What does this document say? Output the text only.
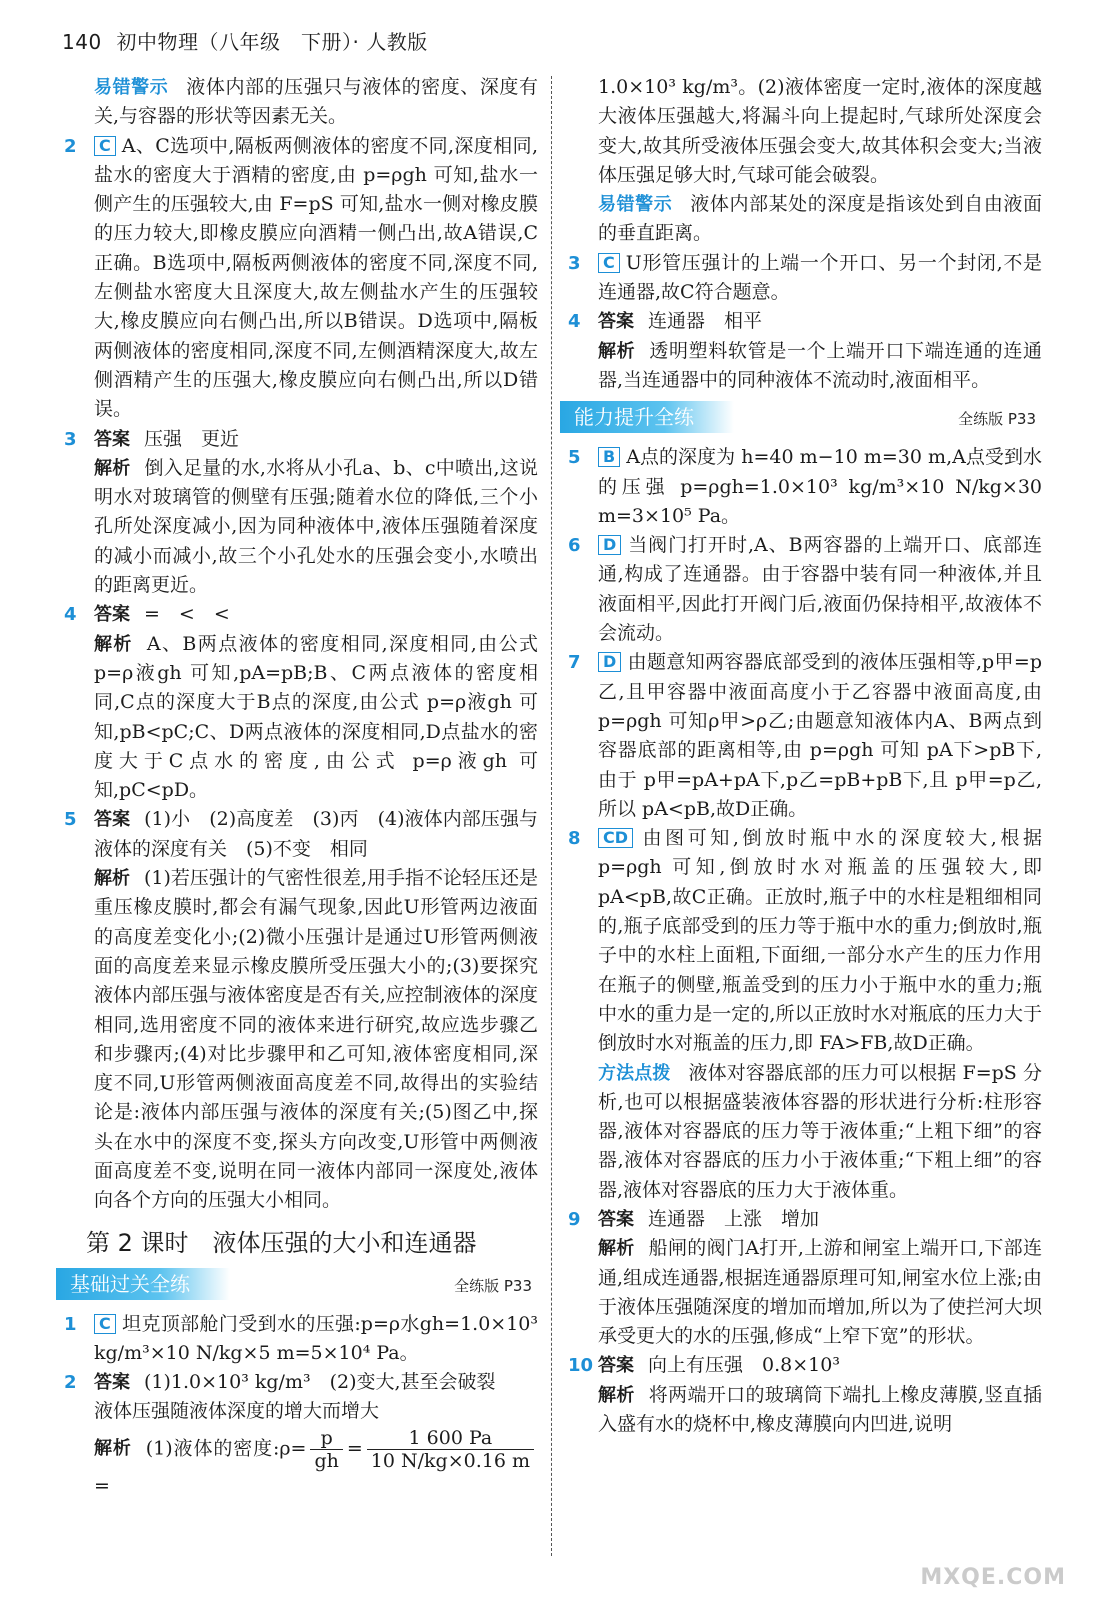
140 初中物理（八年级　下册）· 人教版

易错警示 液体内部的压强只与液体的密度、深度有关,与容器的形状等因素无关。

2 C A、C选项中,隔板两侧液体的密度不同,深度相同,盐水的密度大于酒精的密度,由 p=ρgh 可知,盐水一侧产生的压强较大,由 F=pS 可知,盐水一侧对橡皮膜的压力较大,即橡皮膜应向酒精一侧凸出,故A错误,C正确。B选项中,隔板两侧液体的密度不同,深度不同,左侧盐水密度大且深度大,故左侧盐水产生的压强较大,橡皮膜应向右侧凸出,所以B错误。D选项中,隔板两侧液体的密度相同,深度不同,左侧酒精深度大,故左侧酒精产生的压强大,橡皮膜应向右侧凸出,所以D错误。
3 答案 压强　更近
解析 倒入足量的水,水将从小孔a、b、c中喷出,这说明水对玻璃管的侧壁有压强;随着水位的降低,三个小孔所处深度减小,因为同种液体中,液体压强随着深度的减小而减小,故三个小孔处水的压强会变小,水喷出的距离更近。
4 答案 =　<　<
解析 A、B两点液体的密度相同,深度相同,由公式 p=ρ液gh 可知,pA=pB;B、C两点液体的密度相同,C点的深度大于B点的深度,由公式 p=ρ液gh 可知,pB<pC;C、D两点液体的深度相同,D点盐水的密度大于C点水的密度,由公式 p=ρ液gh 可知,pC<pD。
5 答案 (1)小　(2)高度差　(3)丙　(4)液体内部压强与液体的深度有关　(5)不变　相同
解析 (1)若压强计的气密性很差,用手指不论轻压还是重压橡皮膜时,都会有漏气现象,因此U形管两边液面的高度差变化小;(2)微小压强计是通过U形管两侧液面的高度差来显示橡皮膜所受压强大小的;(3)要探究液体内部压强与液体密度是否有关,应控制液体的深度相同,选用密度不同的液体来进行研究,故应选步骤乙和步骤丙;(4)对比步骤甲和乙可知,液体密度相同,深度不同,U形管两侧液面高度差不同,故得出的实验结论是:液体内部压强与液体的深度有关;(5)图乙中,探头在水中的深度不变,探头方向改变,U形管中两侧液面高度差不变,说明在同一液体内部同一深度处,液体向各个方向的压强大小相同。
第 2 课时　液体压强的大小和连通器
基础过关全练	全练版 P33
1 C 坦克顶部舱门受到水的压强:p=ρ水gh=1.0×10³ kg/m³×10 N/kg×5 m=5×10⁴ Pa。
2 答案 (1)1.0×10³ kg/m³　(2)变大,甚至会破裂
液体压强随液体深度的增大而增大
解析 (1)液体的密度:ρ= $\frac{p}{gh} = \frac{1 600 Pa}{10 N/kg\times 0.16 m}$
=

1.0×10³ kg/m³。(2)液体密度一定时,液体的深度越大液体压强越大,将漏斗向上提起时,气球所处深度会变大,故其所受液体压强会变大,故其体积会变大;当液体压强足够大时,气球可能会破裂。

易错警示 液体内部某处的深度是指该处到自由液面的垂直距离。

3 C U形管压强计的上端一个开口、另一个封闭,不是连通器,故C符合题意。
4 答案 连通器　相平
解析 透明塑料软管是一个上端开口下端连通的连通器,当连通器中的同种液体不流动时,液面相平。
能力提升全练	全练版 P33
5 B A点的深度为 h=40 m−10 m=30 m,A点受到水的压强 p=ρgh=1.0×10³ kg/m³×10 N/kg×30 m=3×10⁵ Pa。
6 D 当阀门打开时,A、B两容器的上端开口、底部连通,构成了连通器。由于容器中装有同一种液体,并且液面相平,因此打开阀门后,液面仍保持相平,故液体不会流动。
7 D 由题意知两容器底部受到的液体压强相等,p甲=p乙,且甲容器中液面高度小于乙容器中液面高度,由 p=ρgh 可知ρ甲>ρ乙;由题意知液体内A、B两点到容器底部的距离相等,由 p=ρgh 可知 pA下>pB下,由于 p甲=pA+pA下,p乙=pB+pB下,且 p甲=p乙,所以 pA<pB,故D正确。
8 CD 由图可知,倒放时瓶中水的深度较大,根据 p=ρgh 可知,倒放时水对瓶盖的压强较大,即 pA<pB,故C正确。正放时,瓶子中的水柱是粗细相同的,瓶子底部受到的压力等于瓶中水的重力;倒放时,瓶子中的水柱上面粗,下面细,一部分水产生的压力作用在瓶子的侧壁,瓶盖受到的压力小于瓶中水的重力;瓶中水的重力是一定的,所以正放时水对瓶底的压力大于倒放时水对瓶盖的压力,即 FA>FB,故D正确。

方法点拨 液体对容器底部的压力可以根据 F=pS 分析,也可以根据盛装液体容器的形状进行分析:柱形容器,液体对容器底的压力等于液体重;“上粗下细”的容器,液体对容器底的压力小于液体重;“下粗上细”的容器,液体对容器底的压力大于液体重。

9 答案 连通器　上涨　增加
解析 船闸的阀门A打开,上游和闸室上端开口,下部连通,组成连通器,根据连通器原理可知,闸室水位上涨;由于液体压强随深度的增加而增加,所以为了使拦河大坝承受更大的水的压强,修成“上窄下宽”的形状。
10 答案 向上有压强　0.8×10³
解析 将两端开口的玻璃筒下端扎上橡皮薄膜,竖直插入盛有水的烧杯中,橡皮薄膜向内凹进,说明
MXQE.COM
